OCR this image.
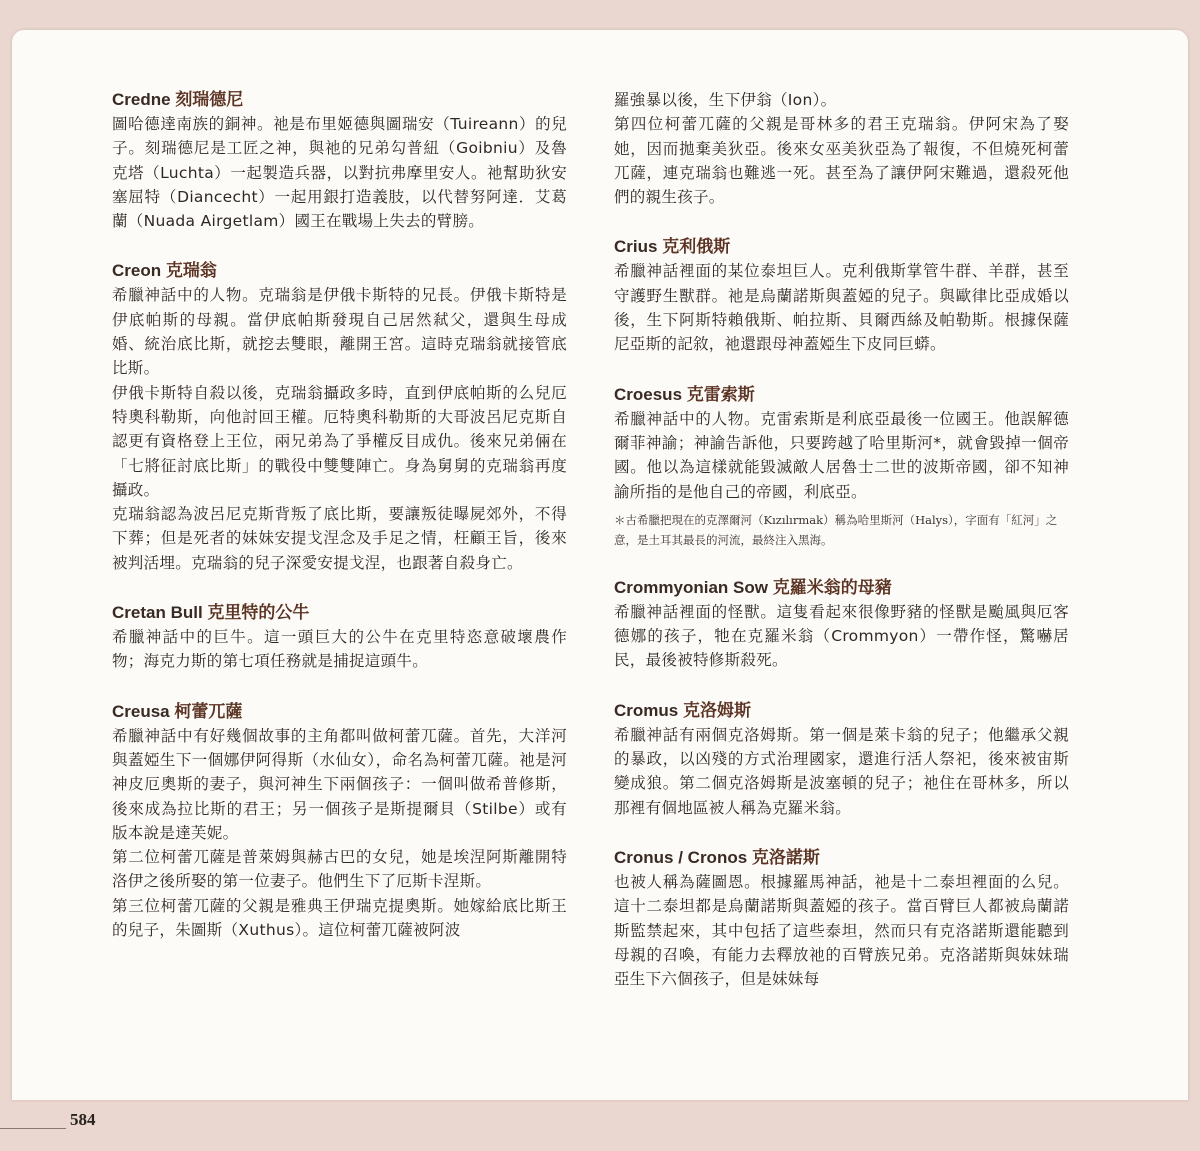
Credne 刻瑞德尼

圖哈德達南族的銅神。祂是布里姬德與圖瑞安（Tuireann）的兒子。刻瑞德尼是工匠之神，與祂的兄弟勾普紐（Goibniu）及魯克塔（Luchta）一起製造兵器，以對抗弗摩里安人。祂幫助狄安塞屈特（Diancecht）一起用銀打造義肢，以代替努阿達．艾葛蘭（Nuada Airgetlam）國王在戰場上失去的臂膀。

Creon 克瑞翁

希臘神話中的人物。克瑞翁是伊俄卡斯特的兄長。伊俄卡斯特是伊底帕斯的母親。當伊底帕斯發現自己居然弒父，還與生母成婚、統治底比斯，就挖去雙眼，離開王宮。這時克瑞翁就接管底比斯。

伊俄卡斯特自殺以後，克瑞翁攝政多時，直到伊底帕斯的么兒厄特奧科勒斯，向他討回王權。厄特奧科勒斯的大哥波呂尼克斯自認更有資格登上王位，兩兄弟為了爭權反目成仇。後來兄弟倆在「七將征討底比斯」的戰役中雙雙陣亡。身為舅舅的克瑞翁再度攝政。

克瑞翁認為波呂尼克斯背叛了底比斯，要讓叛徒曝屍郊外，不得下葬；但是死者的妹妹安提戈涅念及手足之情，枉顧王旨，後來被判活埋。克瑞翁的兒子深愛安提戈涅，也跟著自殺身亡。

Cretan Bull 克里特的公牛

希臘神話中的巨牛。這一頭巨大的公牛在克里特恣意破壞農作物；海克力斯的第七項任務就是捕捉這頭牛。

Creusa 柯蕾兀薩

希臘神話中有好幾個故事的主角都叫做柯蕾兀薩。首先，大洋河與蓋婭生下一個娜伊阿得斯（水仙女），命名為柯蕾兀薩。祂是河神皮厄奧斯的妻子，與河神生下兩個孩子：一個叫做希普修斯，後來成為拉比斯的君王；另一個孩子是斯提爾貝（Stilbe）或有版本說是達芙妮。

第二位柯蕾兀薩是普萊姆與赫古巴的女兒，她是埃涅阿斯離開特洛伊之後所娶的第一位妻子。他們生下了厄斯卡涅斯。

第三位柯蕾兀薩的父親是雅典王伊瑞克提奧斯。她嫁給底比斯王的兒子，朱圖斯（Xuthus）。這位柯蕾兀薩被阿波

羅強暴以後，生下伊翁（Ion）。

第四位柯蕾兀薩的父親是哥林多的君王克瑞翁。伊阿宋為了娶她，因而拋棄美狄亞。後來女巫美狄亞為了報復，不但燒死柯蕾兀薩，連克瑞翁也難逃一死。甚至為了讓伊阿宋難過，還殺死他們的親生孩子。

Crius 克利俄斯

希臘神話裡面的某位泰坦巨人。克利俄斯掌管牛群、羊群，甚至守護野生獸群。祂是烏蘭諾斯與蓋婭的兒子。與歐律比亞成婚以後，生下阿斯特賴俄斯、帕拉斯、貝爾西絲及帕勒斯。根據保薩尼亞斯的記敘，祂還跟母神蓋婭生下皮同巨蟒。

Croesus 克雷索斯

希臘神話中的人物。克雷索斯是利底亞最後一位國王。他誤解德爾菲神諭；神諭告訴他，只要跨越了哈里斯河*，就會毀掉一個帝國。他以為這樣就能毀滅敵人居魯士二世的波斯帝國，卻不知神諭所指的是他自己的帝國，利底亞。

＊古希臘把現在的克澤爾河（Kızılırmak）稱為哈里斯河（Halys），字面有「紅河」之意，是土耳其最長的河流，最終注入黑海。

Crommyonian Sow 克羅米翁的母豬

希臘神話裡面的怪獸。這隻看起來很像野豬的怪獸是颱風與厄客德娜的孩子，牠在克羅米翁（Crommyon）一帶作怪，驚嚇居民，最後被特修斯殺死。

Cromus 克洛姆斯

希臘神話有兩個克洛姆斯。第一個是萊卡翁的兒子；他繼承父親的暴政，以凶殘的方式治理國家，還進行活人祭祀，後來被宙斯變成狼。第二個克洛姆斯是波塞頓的兒子；祂住在哥林多，所以那裡有個地區被人稱為克羅米翁。

Cronus / Cronos 克洛諾斯

也被人稱為薩圖恩。根據羅馬神話，祂是十二泰坦裡面的么兒。這十二泰坦都是烏蘭諾斯與蓋婭的孩子。當百臂巨人都被烏蘭諾斯監禁起來，其中包括了這些泰坦，然而只有克洛諾斯還能聽到母親的召喚，有能力去釋放祂的百臂族兄弟。克洛諾斯與妹妹瑞亞生下六個孩子，但是妹妹每

584
